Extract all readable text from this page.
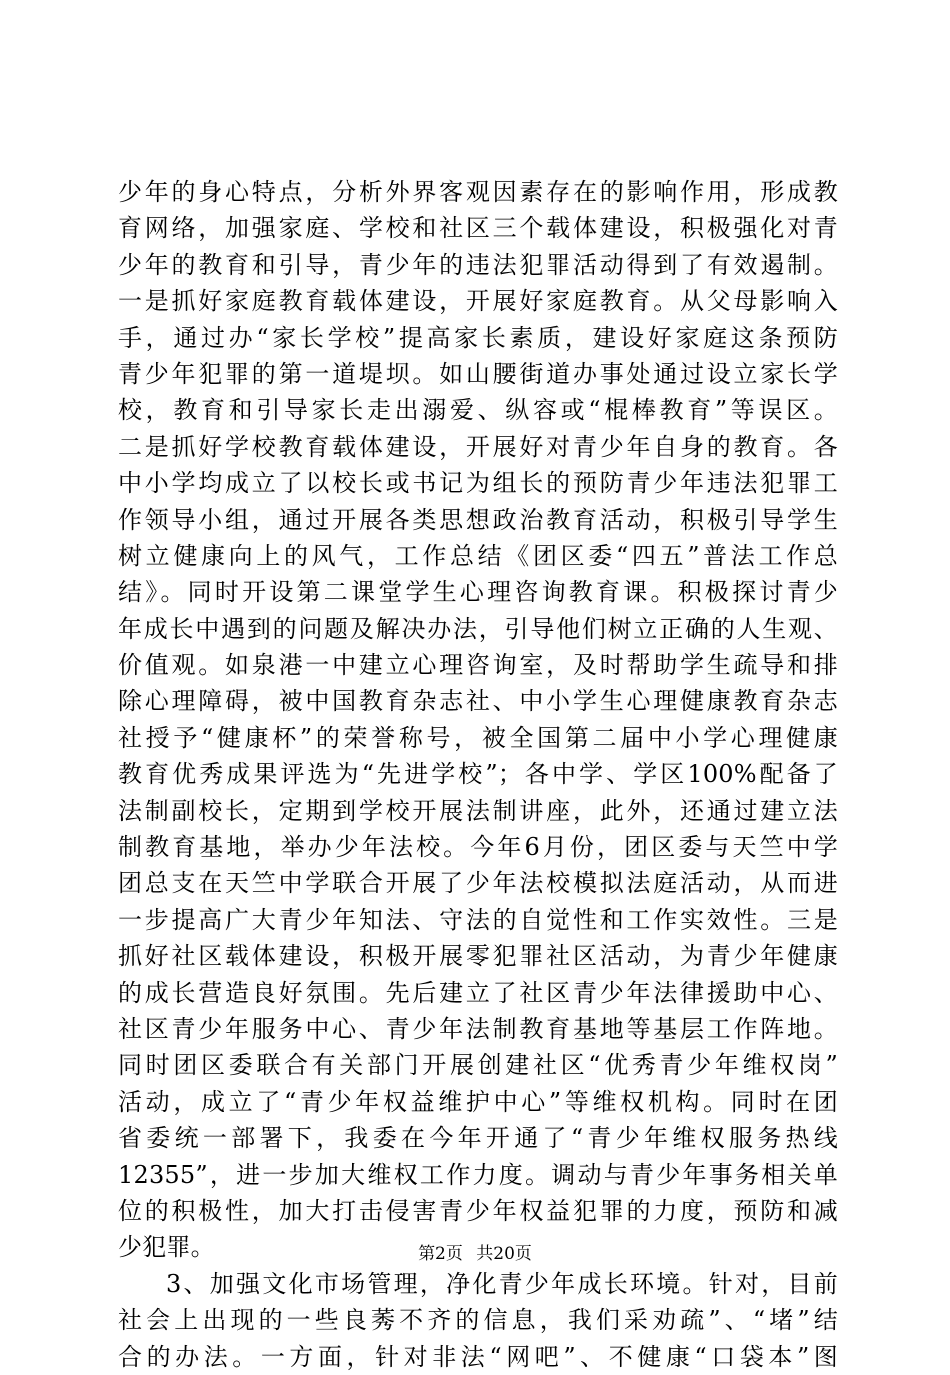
少年的身心特点，分析外界客观因素存在的影响作用，形成教
育网络，加强家庭、学校和社区三个载体建设，积极强化对青
少年的教育和引导，青少年的违法犯罪活动得到了有效遏制。
一是抓好家庭教育载体建设，开展好家庭教育。从父母影响入
手，通过办“家长学校”提高家长素质，建设好家庭这条预防
青少年犯罪的第一道堤坝。如山腰街道办事处通过设立家长学
校，教育和引导家长走出溺爱、纵容或“棍棒教育”等误区。
二是抓好学校教育载体建设，开展好对青少年自身的教育。各
中小学均成立了以校长或书记为组长的预防青少年违法犯罪工
作领导小组，通过开展各类思想政治教育活动，积极引导学生
树立健康向上的风气，工作总结《团区委“四五”普法工作总
结》。同时开设第二课堂学生心理咨询教育课。积极探讨青少
年成长中遇到的问题及解决办法，引导他们树立正确的人生观、
价值观。如泉港一中建立心理咨询室，及时帮助学生疏导和排
除心理障碍，被中国教育杂志社、中小学生心理健康教育杂志
社授予“健康杯”的荣誉称号，被全国第二届中小学心理健康
教育优秀成果评选为“先进学校”；各中学、学区100%配备了
法制副校长，定期到学校开展法制讲座，此外，还通过建立法
制教育基地，举办少年法校。今年6月份，团区委与天竺中学
团总支在天竺中学联合开展了少年法校模拟法庭活动，从而进
一步提高广大青少年知法、守法的自觉性和工作实效性。三是
抓好社区载体建设，积极开展零犯罪社区活动，为青少年健康
的成长营造良好氛围。先后建立了社区青少年法律援助中心、
社区青少年服务中心、青少年法制教育基地等基层工作阵地。
同时团区委联合有关部门开展创建社区“优秀青少年维权岗”
活动，成立了“青少年权益维护中心”等维权机构。同时在团
省委统一部署下，我委在今年开通了“青少年维权服务热线
12355”，进一步加大维权工作力度。调动与青少年事务相关单
位的积极性，加大打击侵害青少年权益犯罪的力度，预防和减
少犯罪。
3、加强文化市场管理，净化青少年成长环境。针对，目前
社会上出现的一些良莠不齐的信息，我们采劝疏”、“堵”结
合的办法。一方面，针对非法“网吧”、不健康“口袋本”图
第2页 共20页
